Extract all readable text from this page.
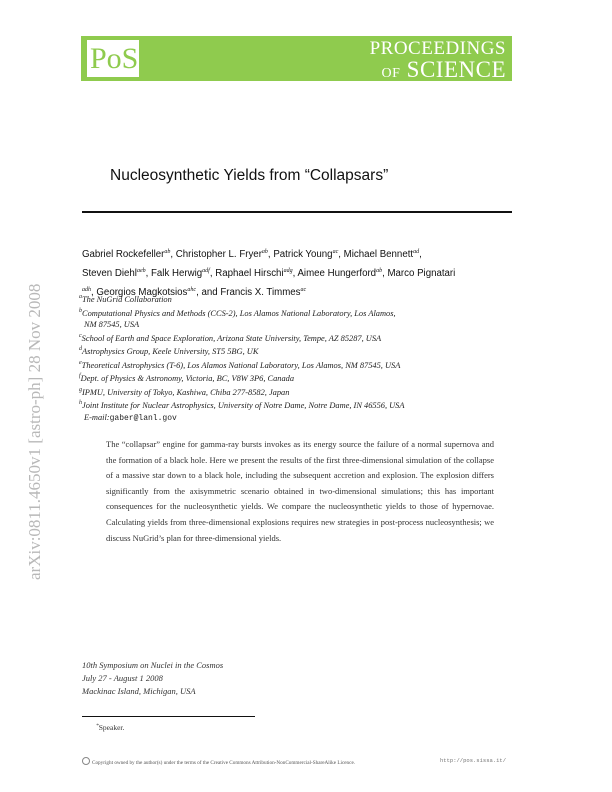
PoS	PROCEEDINGS
OF SCIENCE
arXiv:0811.4650v1 [astro-ph] 28 Nov 2008
Nucleosynthetic Yields from “Collapsars”
Gabriel Rockefeller$^{ab}$, Christopher L. Fryer$^{ab}$, Patrick Young$^{ac}$, Michael Bennett$^{ad}$,
Steven Diehl$^{aeb}$, Falk Herwig$^{adf}$, Raphael Hirschi$^{adg}$, Aimee Hungerford$^{ab}$, Marco Pignatari
$^{adh}$, Georgios Magkotsios$^{ahc}$, and Francis X. Timmes$^{ac}$
$^a$The NuGrid Collaboration
$^b$Computational Physics and Methods (CCS-2), Los Alamos National Laboratory, Los Alamos,
NM 87545, USA
$^c$School of Earth and Space Exploration, Arizona State University, Tempe, AZ 85287, USA
$^d$Astrophysics Group, Keele University, ST5 5BG, UK
$^e$Theoretical Astrophysics (T-6), Los Alamos National Laboratory, Los Alamos, NM 87545, USA
$^f$Dept. of Physics & Astronomy, Victoria, BC, V8W 3P6, Canada
$^g$IPMU, University of Tokyo, Kashiwa, Chiba 277-8582, Japan
$^h$Joint Institute for Nuclear Astrophysics, University of Notre Dame, Notre Dame, IN 46556, USA
E-mail:gaber@lanl.gov
The “collapsar” engine for gamma-ray bursts invokes as its energy source the failure of a normal supernova and the formation of a black hole. Here we present the results of the first three-dimensional simulation of the collapse of a massive star down to a black hole, including the subsequent accretion and explosion. The explosion differs significantly from the axisymmetric scenario obtained in two-dimensional simulations; this has important consequences for the nucleosynthetic yields. We compare the nucleosynthetic yields to those of hypernovae. Calculating yields from three-dimensional explosions requires new strategies in post-process nucleosynthesis; we discuss NuGrid’s plan for three-dimensional yields.
10th Symposium on Nuclei in the Cosmos
July 27 - August 1 2008
Mackinac Island, Michigan, USA
*Speaker.
Copyright owned by the author(s) under the terms of the Creative Commons Attribution-NonCommercial-ShareAlike Licence.	http://pos.sissa.it/
